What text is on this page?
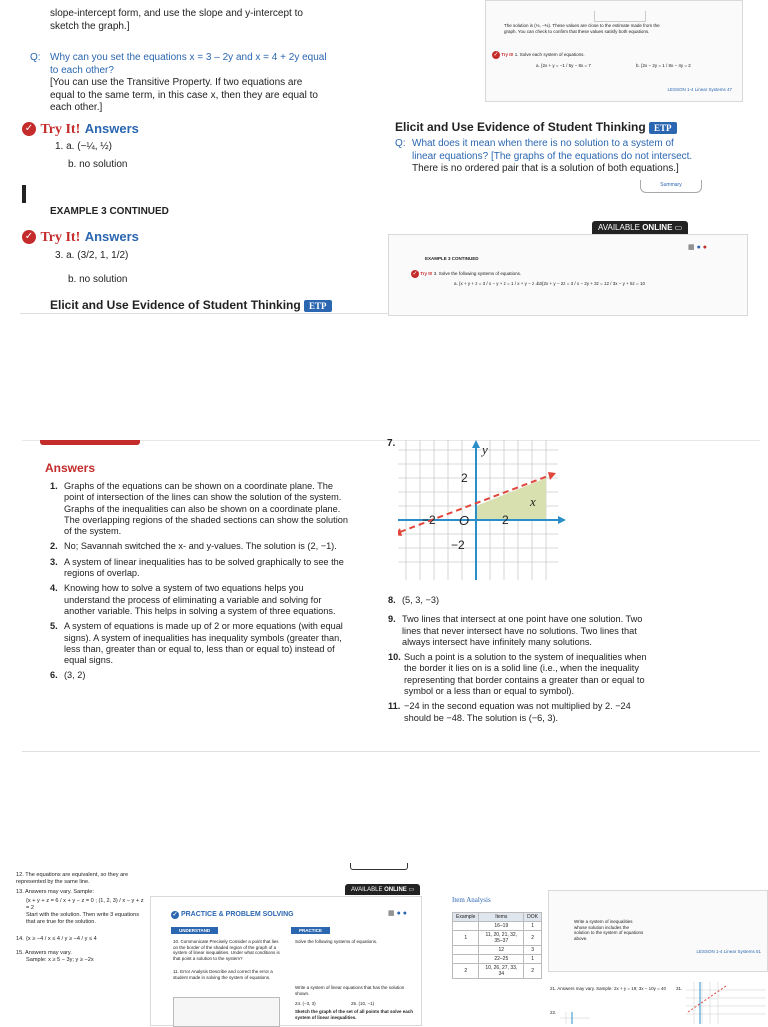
slope-intercept form, and use the slope and y-intercept to
sketch the graph.]
Q: Why can you set the equations x = 3 – 2y and x = 4 + 2y equal
to each other?
[You can use the Transitive Property. If two equations are
equal to the same term, in this case x, then they are equal to
each other.]
✓ Try It! Answers
1. a. (−¼, ½)
b. no solution
EXAMPLE 3 CONTINUED
✓ Try It! Answers
3. a. (3/2, 1, 1/2)
b. no solution
Elicit and Use Evidence of Student Thinking ETP
The solution is (⅓, −⅔). These values are close to the estimate made from the
graph. You can check to confirm that these values satisfy both equations.
✓ Try It! 1. Solve each system of equations.
a. {2x + y = −1 / 5y − 8x = 7	b. {2x − 2y = 1 / 8x − 4y = 2
LESSON 1-4 Linear Systems 47
Elicit and Use Evidence of Student Thinking ETP
Q: What does it mean when there is no solution to a system of
linear equations? [The graphs of the equations do not intersect.
There is no ordered pair that is a solution of both equations.]
Summary
AVAILABLE ONLINE ▭
▦ ● ●
EXAMPLE 3 CONTINUED
✓ Try It! 3. Solve the following systems of equations.
a. {x + y + z = 3 / x − y + z = 1 / x + y − z = 3
b. {2x + y − 2z = 3 / x − 2y + 3z = 12 / 3x − y + 5z = 10
Answers

1. Graphs of the equations can be shown on a coordinate plane. The point of intersection of the lines can show the solution of the system. Graphs of the inequalities can also be shown on a coordinate plane. The overlapping regions of the shaded sections can show the solution of the system.

2. No; Savannah switched the x- and y-values. The solution is (2, −1).

3. A system of linear inequalities has to be solved graphically to see the regions of overlap.

4. Knowing how to solve a system of two equations helps you understand the process of eliminating a variable and solving for another variable. This helps in solving a system of three equations.

5. A system of equations is made up of 2 or more equations (with equal signs). A system of inequalities has inequality symbols (greater than, less than, greater than or equal to, less than or equal to) instead of equal signs.

6. (3, 2)

7.	y
x
2
−2
2
−2 O

8. (5, 3, −3)

9. Two lines that intersect at one point have one solution. Two lines that never intersect have no solutions. Two lines that always intersect have infinitely many solutions.

10. Such a point is a solution to the system of inequalities when the border it lies on is a solid line (i.e., when the inequality representing that border contains a greater than or equal to symbol or a less than or equal to symbol).

11. −24 in the second equation was not multiplied by 2. −24 should be −48. The solution is (−6, 3).

12. The equations are equivalent, so they are represented by the same line.
13. Answers may vary. Sample:
{x + y + z = 6 / x + y − z = 0 ; (1, 2, 3) / x − y + z = 2
Start with the solution. Then write 3 equations that are true for the solution.
14. {x ≥ −4 / x ≤ 4 / y ≥ −4 / y ≤ 4
15. Answers may vary.
Sample: x ≥ 5 − 3y; y ≥ −2x
AVAILABLE ONLINE ▭
✓ PRACTICE & PROBLEM SOLVING	▦ ● ●
UNDERSTAND	PRACTICE
10. Communicate Precisely Consider a point that lies on the border of the shaded region of the graph of a system of linear inequalities. Under what conditions is that point a solution to the system?
11. Error Analysis Describe and correct the error a student made in solving the system of equations.
Solve the following systems of equations.
Write a system of linear equations that has the solution shown.
24. (−3, 3)	25. (10, −1)
Sketch the graph of the set of all points that solve each system of linear inequalities.
Item Analysis
Example	Items	DOK
	16–19	1
1	11, 20, 21, 32, 35–37	2
	12	3
	22–25	1
2	10, 26, 27, 33, 34	2
Write a system of inequalities whose solution includes the solution to the system of equations above.
LESSON 1-4 Linear Systems 51
21. Answers may vary. Sample: 2x + y = 19; 3x − 10y = 40
22.
31.
